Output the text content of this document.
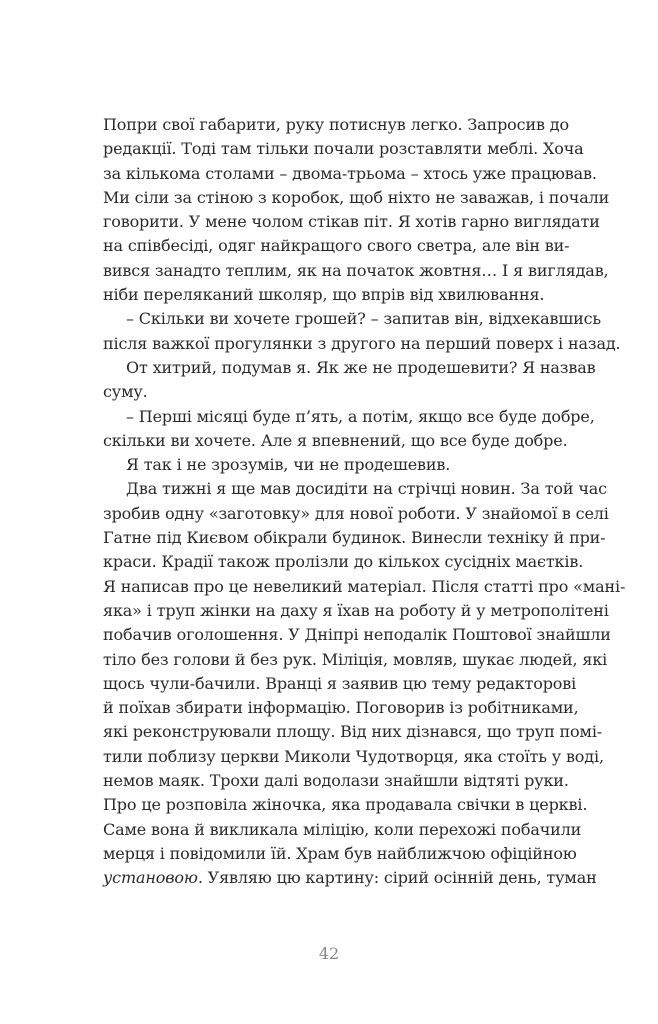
Попри свої габарити, руку потиснув легко. Запросив до
редакції. Тоді там тільки почали розставляти меблі. Хоча
за кількома столами – двома-трьома – хтось уже працював.
Ми сіли за стіною з коробок, щоб ніхто не заважав, і почали
говорити. У мене чолом стікав піт. Я хотів гарно виглядати
на співбесіді, одяг найкращого свого светра, але він ви-
вився занадто теплим, як на початок жовтня… І я виглядав,
ніби переляканий школяр, що впрів від хвилювання.
– Скільки ви хочете грошей? – запитав він, відхекавшись
після важкої прогулянки з другого на перший поверх і назад.
От хитрий, подумав я. Як же не продешевити? Я назвав
суму.
– Перші місяці буде п’ять, а потім, якщо все буде добре,
скільки ви хочете. Але я впевнений, що все буде добре.
Я так і не зрозумів, чи не продешевив.
Два тижні я ще мав досидіти на стрічці новин. За той час
зробив одну «заготовку» для нової роботи. У знайомої в селі
Гатне під Києвом обікрали будинок. Винесли техніку й при-
краси. Крадії також пролізли до кількох сусідніх маєтків.
Я написав про це невеликий матеріал. Після статті про «мані-
яка» і труп жінки на даху я їхав на роботу й у метрополітені
побачив оголошення. У Дніпрі неподалік Поштової знайшли
тіло без голови й без рук. Міліція, мовляв, шукає людей, які
щось чули-бачили. Вранці я заявив цю тему редакторові
й поїхав збирати інформацію. Поговорив із робітниками,
які реконструювали площу. Від них дізнався, що труп помі-
тили поблизу церкви Миколи Чудотворця, яка стоїть у воді,
немов маяк. Трохи далі водолази знайшли відтяті руки.
Про це розповіла жіночка, яка продавала свічки в церкві.
Саме вона й викликала міліцію, коли перехожі побачили
мерця і повідомили їй. Храм був найближчою офіційною
установою. Уявляю цю картину: сірий осінній день, туман
42
